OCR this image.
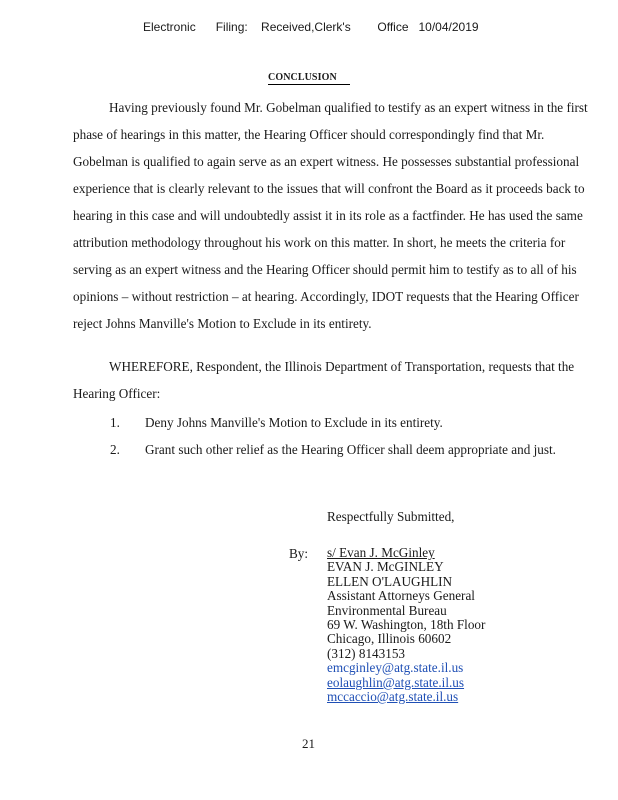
Electronic      Filing:    Received,Clerk's        Office   10/04/2019
CONCLUSION
Having previously found Mr. Gobelman qualified to testify as an expert witness in the first
phase of hearings in this matter, the Hearing Officer should correspondingly find that Mr.
Gobelman is qualified to again serve as an expert witness. He possesses substantial professional
experience that is clearly relevant to the issues that will confront the Board as it proceeds back to
hearing in this case and will undoubtedly assist it in its role as a factfinder. He has used the same
attribution methodology throughout his work on this matter. In short, he meets the criteria for
serving as an expert witness and the Hearing Officer should permit him to testify as to all of his
opinions – without restriction – at hearing. Accordingly, IDOT requests that the Hearing Officer
reject Johns Manville's Motion to Exclude in its entirety.
WHEREFORE, Respondent, the Illinois Department of Transportation, requests that the
Hearing Officer:
1. Deny Johns Manville's Motion to Exclude in its entirety.
2. Grant such other relief as the Hearing Officer shall deem appropriate and just.
Respectfully Submitted,
By: s/ Evan J. McGinley
EVAN J. McGINLEY
ELLEN O'LAUGHLIN
Assistant Attorneys General
Environmental Bureau
69 W. Washington, 18th Floor
Chicago, Illinois 60602
(312) 8143153
emcginley@atg.state.il.us
eolaughlin@atg.state.il.us
mccaccio@atg.state.il.us
21
